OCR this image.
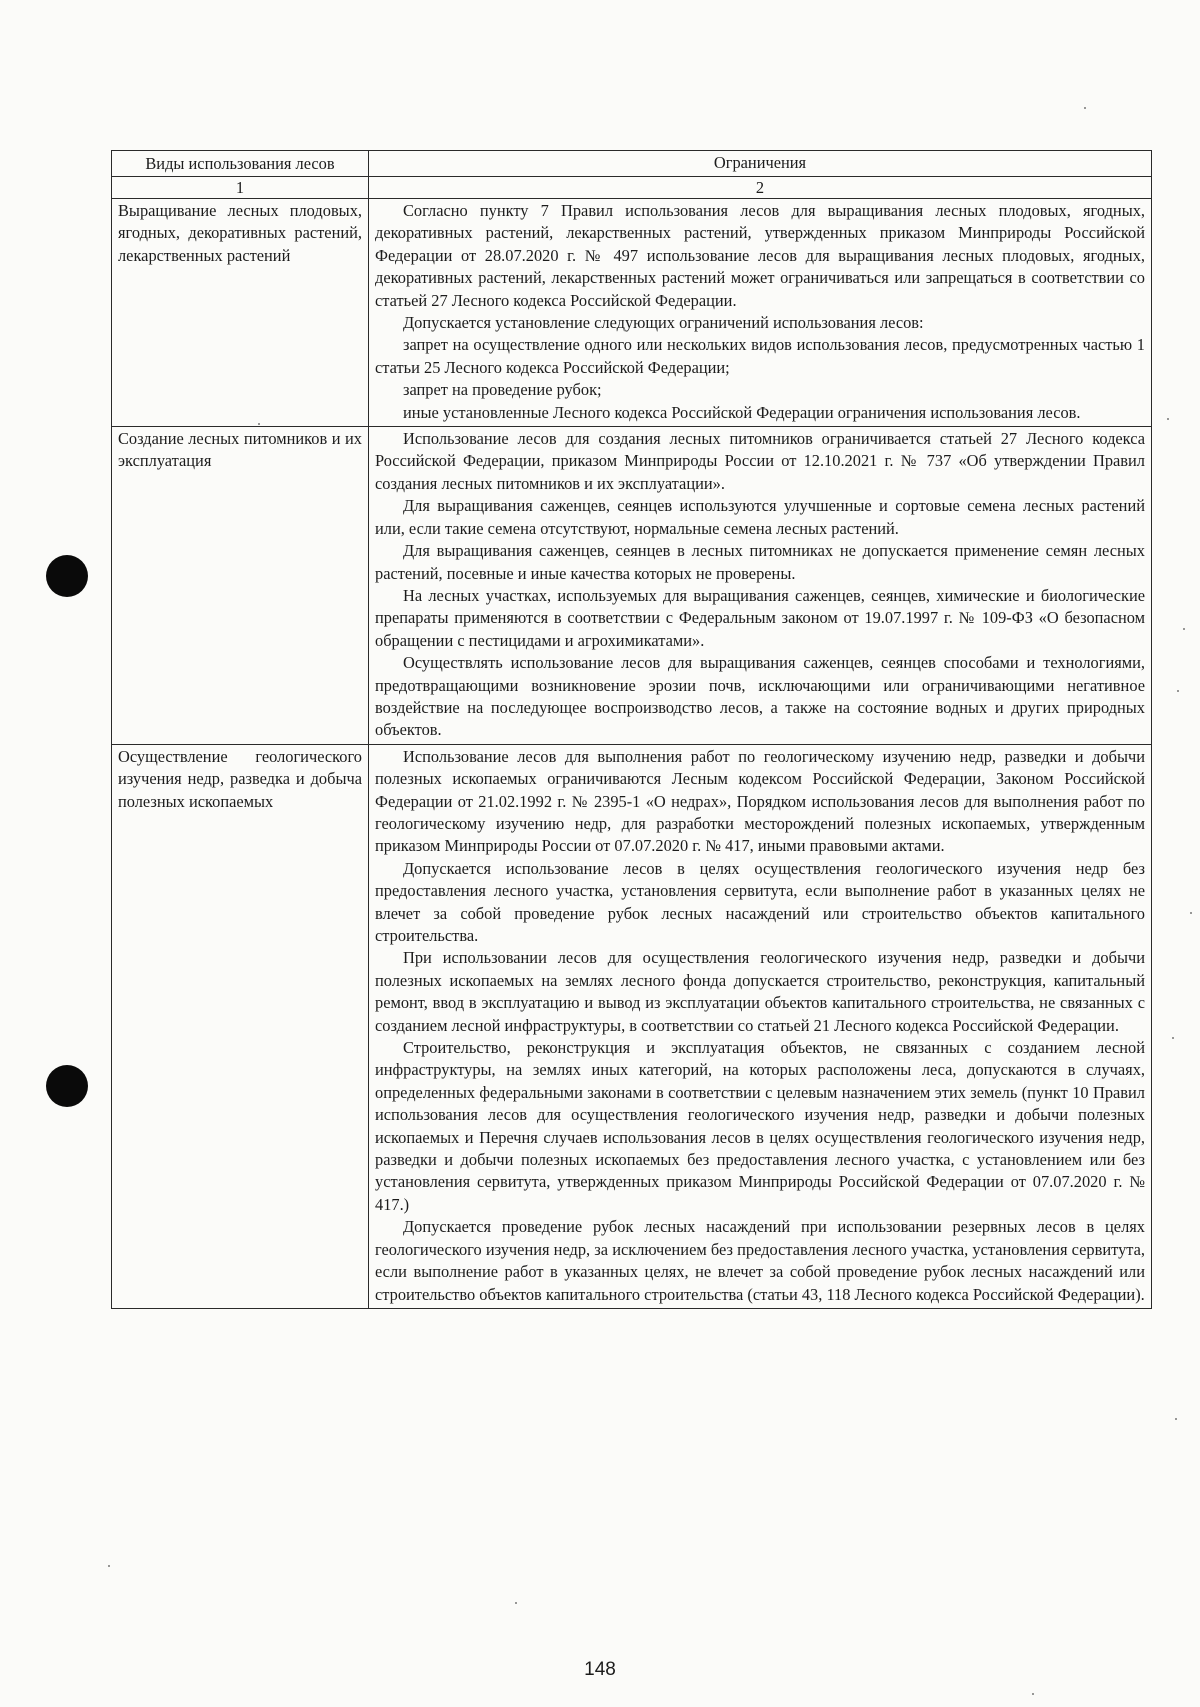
Виды использования лесов	Ограничения
1	2
Выращивание лесных плодовых, ягодных, декоративных растений, лекарственных растений	Согласно пункту 7 Правил использования лесов для выращивания лесных плодовых, ягодных, декоративных растений, лекарственных растений, утвержденных приказом Минприроды Российской Федерации от 28.07.2020 г. № 497 использование лесов для выращивания лесных плодовых, ягодных, декоративных растений, лекарственных растений может ограничиваться или запрещаться в соответствии со статьей 27 Лесного кодекса Российской Федерации.

Допускается установление следующих ограничений использования лесов:

запрет на осуществление одного или нескольких видов использования лесов, предусмотренных частью 1 статьи 25 Лесного кодекса Российской Федерации;

запрет на проведение рубок;

иные установленные Лесного кодекса Российской Федерации ограничения использования лесов.

Создание лесных питомников и их эксплуатация	Использование лесов для создания лесных питомников ограничивается статьей 27 Лесного кодекса Российской Федерации, приказом Минприроды России от 12.10.2021 г. № 737 «Об утверждении Правил создания лесных питомников и их эксплуатации».

Для выращивания саженцев, сеянцев используются улучшенные и сортовые семена лесных растений или, если такие семена отсутствуют, нормальные семена лесных растений.

Для выращивания саженцев, сеянцев в лесных питомниках не допускается применение семян лесных растений, посевные и иные качества которых не проверены.

На лесных участках, используемых для выращивания саженцев, сеянцев, химические и биологические препараты применяются в соответствии с Федеральным законом от 19.07.1997 г. № 109-ФЗ «О безопасном обращении с пестицидами и агрохимикатами».

Осуществлять использование лесов для выращивания саженцев, сеянцев способами и технологиями, предотвращающими возникновение эрозии почв, исключающими или ограничивающими негативное воздействие на последующее воспроизводство лесов, а также на состояние водных и других природных объектов.

Осуществление геологического изучения недр, разведка и добыча полезных ископаемых	Использование лесов для выполнения работ по геологическому изучению недр, разведки и добычи полезных ископаемых ограничиваются Лесным кодексом Российской Федерации, Законом Российской Федерации от 21.02.1992 г. № 2395-1 «О недрах», Порядком использования лесов для выполнения работ по геологическому изучению недр, для разработки месторождений полезных ископаемых, утвержденным приказом Минприроды России от 07.07.2020 г. № 417, иными правовыми актами.

Допускается использование лесов в целях осуществления геологического изучения недр без предоставления лесного участка, установления сервитута, если выполнение работ в указанных целях не влечет за собой проведение рубок лесных насаждений или строительство объектов капитального строительства.

При использовании лесов для осуществления геологического изучения недр, разведки и добычи полезных ископаемых на землях лесного фонда допускается строительство, реконструкция, капитальный ремонт, ввод в эксплуатацию и вывод из эксплуатации объектов капитального строительства, не связанных с созданием лесной инфраструктуры, в соответствии со статьей 21 Лесного кодекса Российской Федерации.

Строительство, реконструкция и эксплуатация объектов, не связанных с созданием лесной инфраструктуры, на землях иных категорий, на которых расположены леса, допускаются в случаях, определенных федеральными законами в соответствии с целевым назначением этих земель (пункт 10 Правил использования лесов для осуществления геологического изучения недр, разведки и добычи полезных ископаемых и Перечня случаев использования лесов в целях осуществления геологического изучения недр, разведки и добычи полезных ископаемых без предоставления лесного участка, с установлением или без установления сервитута, утвержденных приказом Минприроды Российской Федерации от 07.07.2020 г. № 417.)

Допускается проведение рубок лесных насаждений при использовании резервных лесов в целях геологического изучения недр, за исключением без предоставления лесного участка, установления сервитута, если выполнение работ в указанных целях, не влечет за собой проведение рубок лесных насаждений или строительство объектов капитального строительства (статьи 43, 118 Лесного кодекса Российской Федерации).

148
